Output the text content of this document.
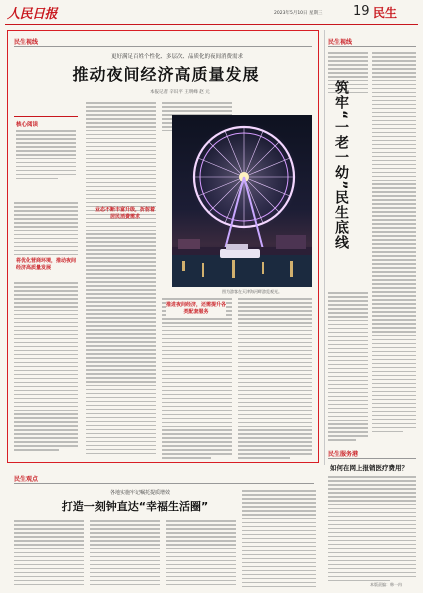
人民日报	2023年5月10日 星期三 19 民生
民生视线
更好满足百姓个性化、多层次、品质化的夜间消费需求
推动夜间经济高质量发展
本报记者 辛识平 王明峰 赵 元
核心阅读
将优化营商环境，推动夜间经济高质量发展
图为游客在天津海河畔游览观光。
业态不断丰富升级，折射着居民消费需求
推进夜间经济，还需提升各类配套服务
民生视线
筑牢“一老一幼”民生底线
民生服务港
如何在网上报销医疗费用？
民生观点
各地实施牢记嘱托提质增效
打造一刻钟直达“幸福生活圈”
本版责编：韩一冉
